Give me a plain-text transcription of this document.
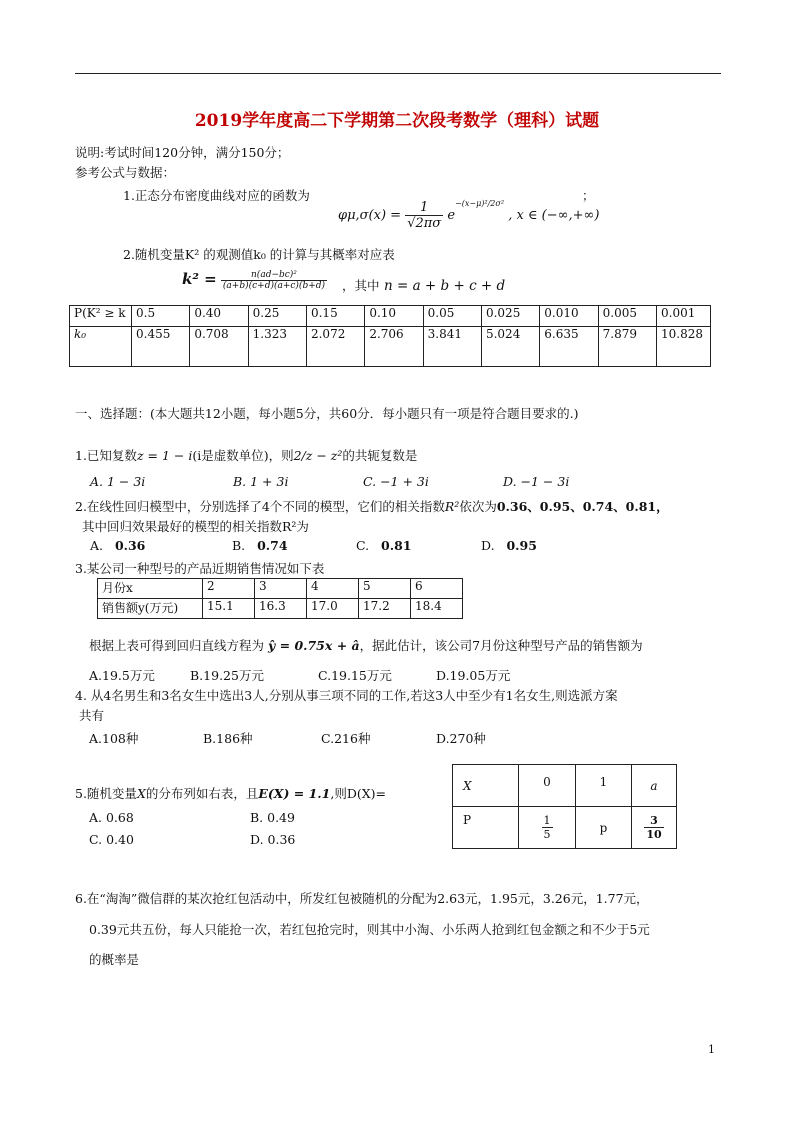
2019学年度高二下学期第二次段考数学（理科）试题
说明:考试时间120分钟，满分150分；
参考公式与数据：
1.正态分布密度曲线对应的函数为
$\varphi\mu,\sigma(x) = \frac{1}{√2\pi\sigma} e^{-(x-\mu)^2/2\sigma^2}$ , x ∈ (−∞,+∞)
；
2.随机变量K² 的观测值k₀ 的计算与其概率对应表
$k^2 = \frac{\text{n(ad−bc)²}}{(a+b)(c+d)(a+c)(b+d)}$ ，其中 n = a + b + c + d
P(K² ≥ k	0.5	0.40	0.25	0.15	0.10	0.05	0.025	0.010	0.005	0.001
k₀	0.455	0.708	1.323	2.072	2.706	3.841	5.024	6.635	7.879	10.828
一、选择题：(本大题共12小题，每小题5分，共60分．每小题只有一项是符合题目要求的.)
1.已知复数z = 1 − i(i是虚数单位)，则2/z − z²的共轭复数是
A. 1 − 3i	B. 1 + 3i	C. −1 + 3i	D. −1 − 3i
2.在线性回归模型中，分别选择了4个不同的模型，它们的相关指数R²依次为0.36、0.95、0.74、0.81，
其中回归效果最好的模型的相关指数R²为
A. 0.36	B. 0.74	C. 0.81	D. 0.95
3.某公司一种型号的产品近期销售情况如下表
月份x	2	3	4	5	6
销售额y(万元)	15.1	16.3	17.0	17.2	18.4
根据上表可得到回归直线方程为 ŷ = 0.75x + â，据此估计，该公司7月份这种型号产品的销售额为
A.19.5万元	B.19.25万元	C.19.15万元	D.19.05万元
4. 从4名男生和3名女生中选出3人,分别从事三项不同的工作,若这3人中至少有1名女生,则选派方案
共有
A.108种	B.186种	C.216种	D.270种
5.随机变量X的分布列如右表，且E(X) = 1.1,则D(X)=
A. 0.68	B. 0.49
C. 0.40	D. 0.36
X	0	1	a
P	$\frac{1}{5}$	p	$\frac{3}{10}$
6.在“淘淘”微信群的某次抢红包活动中，所发红包被随机的分配为2.63元，1.95元，3.26元，1.77元，
0.39元共五份，每人只能抢一次，若红包抢完时，则其中小淘、小乐两人抢到红包金额之和不少于5元
的概率是
1
